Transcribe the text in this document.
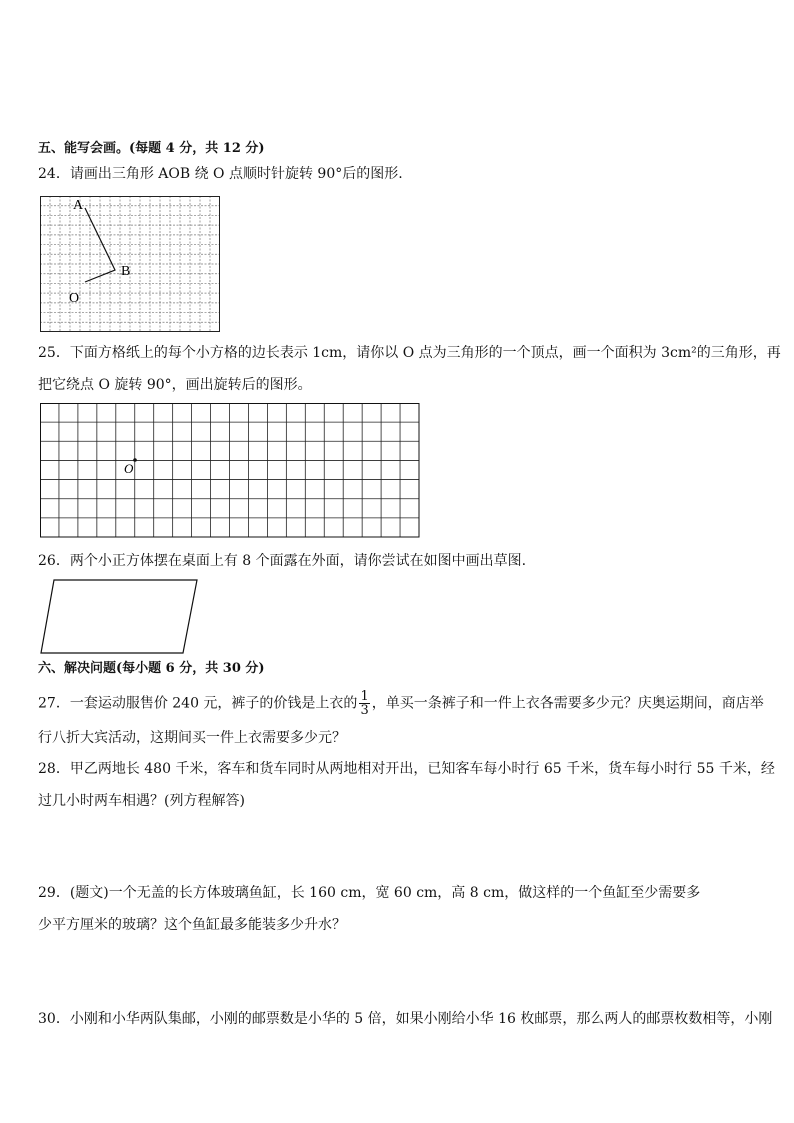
五、能写会画。(每题 4 分，共 12 分)
24．请画出三角形 AOB 绕 O 点顺时针旋转 90°后的图形.
A
B
O
25．下面方格纸上的每个小方格的边长表示 1cm，请你以 O 点为三角形的一个顶点，画一个面积为 3cm²的三角形，再
把它绕点 O 旋转 90°，画出旋转后的图形。
O
26．两个小正方体摆在桌面上有 8 个面露在外面，请你尝试在如图中画出草图.
六、解决问题(每小题 6 分，共 30 分)
27．一套运动服售价 240 元，裤子的价钱是上衣的 $\frac{1}{3}$ ，单买一条裤子和一件上衣各需要多少元？庆奥运期间，商店举
行八折大宾活动，这期间买一件上衣需要多少元？
28．甲乙两地长 480 千米，客车和货车同时从两地相对开出，已知客车每小时行 65 千米，货车每小时行 55 千米，经
过几小时两车相遇？(列方程解答)
29．(题文)一个无盖的长方体玻璃鱼缸，长 160 cm，宽 60 cm，高 8 cm，做这样的一个鱼缸至少需要多
少平方厘米的玻璃？这个鱼缸最多能装多少升水？
30．小刚和小华两队集邮，小刚的邮票数是小华的 5 倍，如果小刚给小华 16 枚邮票，那么两人的邮票枚数相等，小刚
